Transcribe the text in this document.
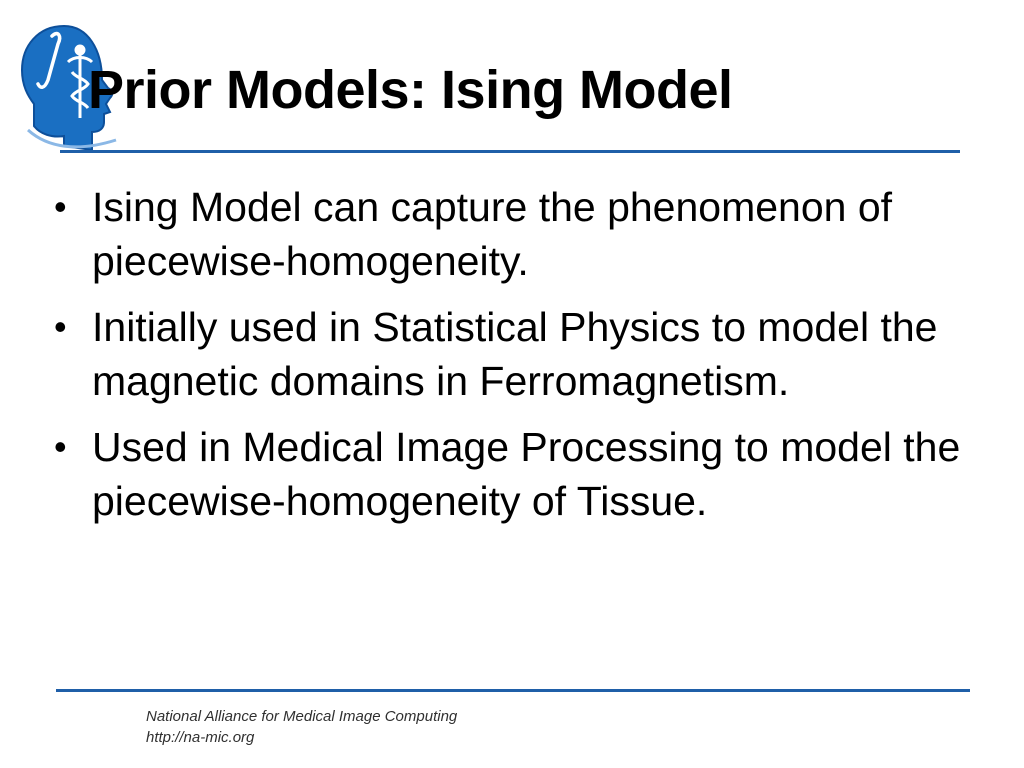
Prior Models: Ising Model
• Ising Model can capture the phenomenon of piecewise-homogeneity.
• Initially used in Statistical Physics to model the magnetic domains in Ferromagnetism.
• Used in Medical Image Processing to model the piecewise-homogeneity of Tissue.
National Alliance for Medical Image Computing
http://na-mic.org
